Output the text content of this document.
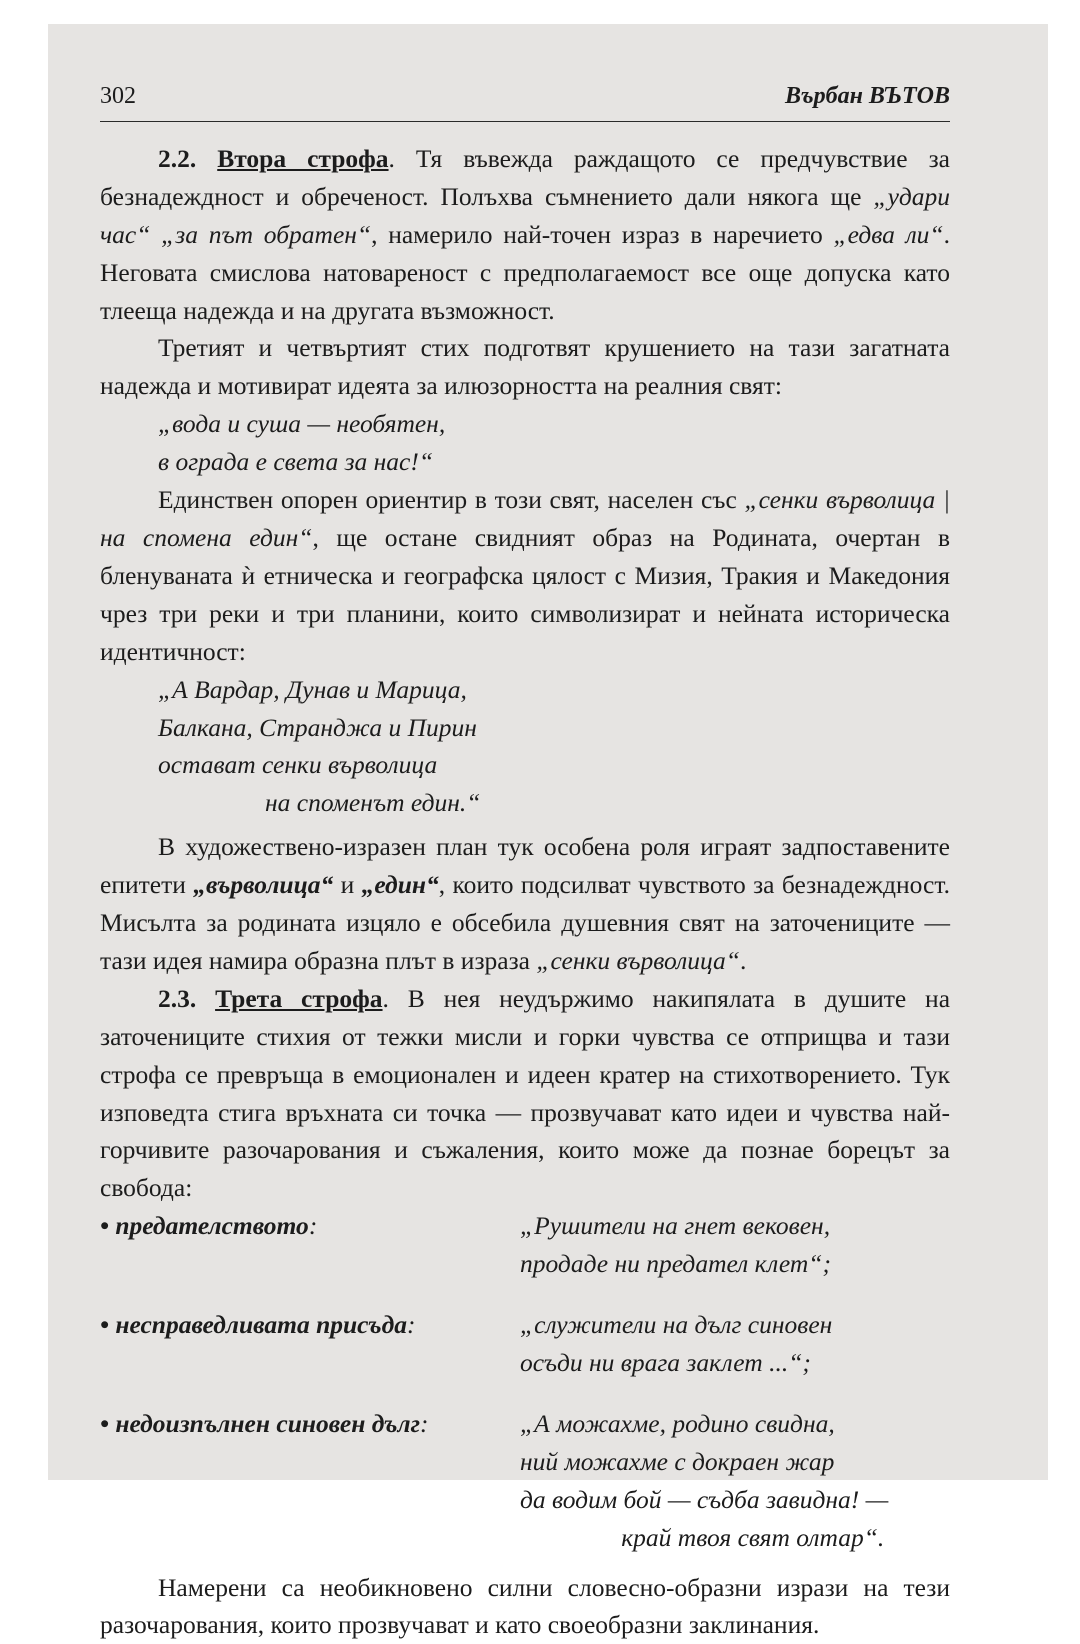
302	Върбан ВЪТОВ

2.2. Втора строфа. Тя въвежда раждащото се предчувствие за безнадеждност и обреченост. Полъхва съмнението дали някога ще „удари час“ „за път обратен“, намерило най-точен израз в наречието „едва ли“. Неговата смислова натовареност с предполагаемост все още допуска като тлееща надежда и на другата възможност.

Третият и четвъртият стих подготвят крушението на тази загатната надежда и мотивират идеята за илюзорността на реалния свят:

„вода и суша — необятен,
в ограда е света за нас!“

Единствен опорен ориентир в този свят, населен със „сенки върволица | на спомена един“, ще остане свидният образ на Родината, очертан в бленуваната ѝ етническа и географска цялост с Мизия, Тракия и Македония чрез три реки и три планини, които символизират и нейната историческа идентичност:

„А Вардар, Дунав и Марица,
Балкана, Странджа и Пирин
остават сенки върволица
на споменът един.“

В художествено-изразен план тук особена роля играят задпоставените епитети „върволица“ и „един“, които подсилват чувството за безнадеждност. Мисълта за родината изцяло е обсебила душевния свят на заточениците — тази идея намира образна плът в израза „сенки върволица“.

2.3. Трета строфа. В нея неудържимо накипялата в душите на заточениците стихия от тежки мисли и горки чувства се отприщва и тази строфа се превръща в емоционален и идеен кратер на стихотворението. Тук изповедта стига връхната си точка — прозвучават като идеи и чувства най-горчивите разочарования и съжаления, които може да познае борецът за свобода:

• предателството:	„Рушители на гнет вековен,
продаде ни предател клет“;
• несправедливата присъда:	„служители на дълг синовен
осъди ни врага заклет ...“;
• недоизпълнен синовен дълг:	„А можахме, родино свидна,
ний можахме с докраен жар
да водим бой — съдба завидна! —
край твоя свят олтар“.

Намерени са необикновено силни словесно-образни изрази на тези разочарования, които прозвучават и като своеобразни заклинания.
